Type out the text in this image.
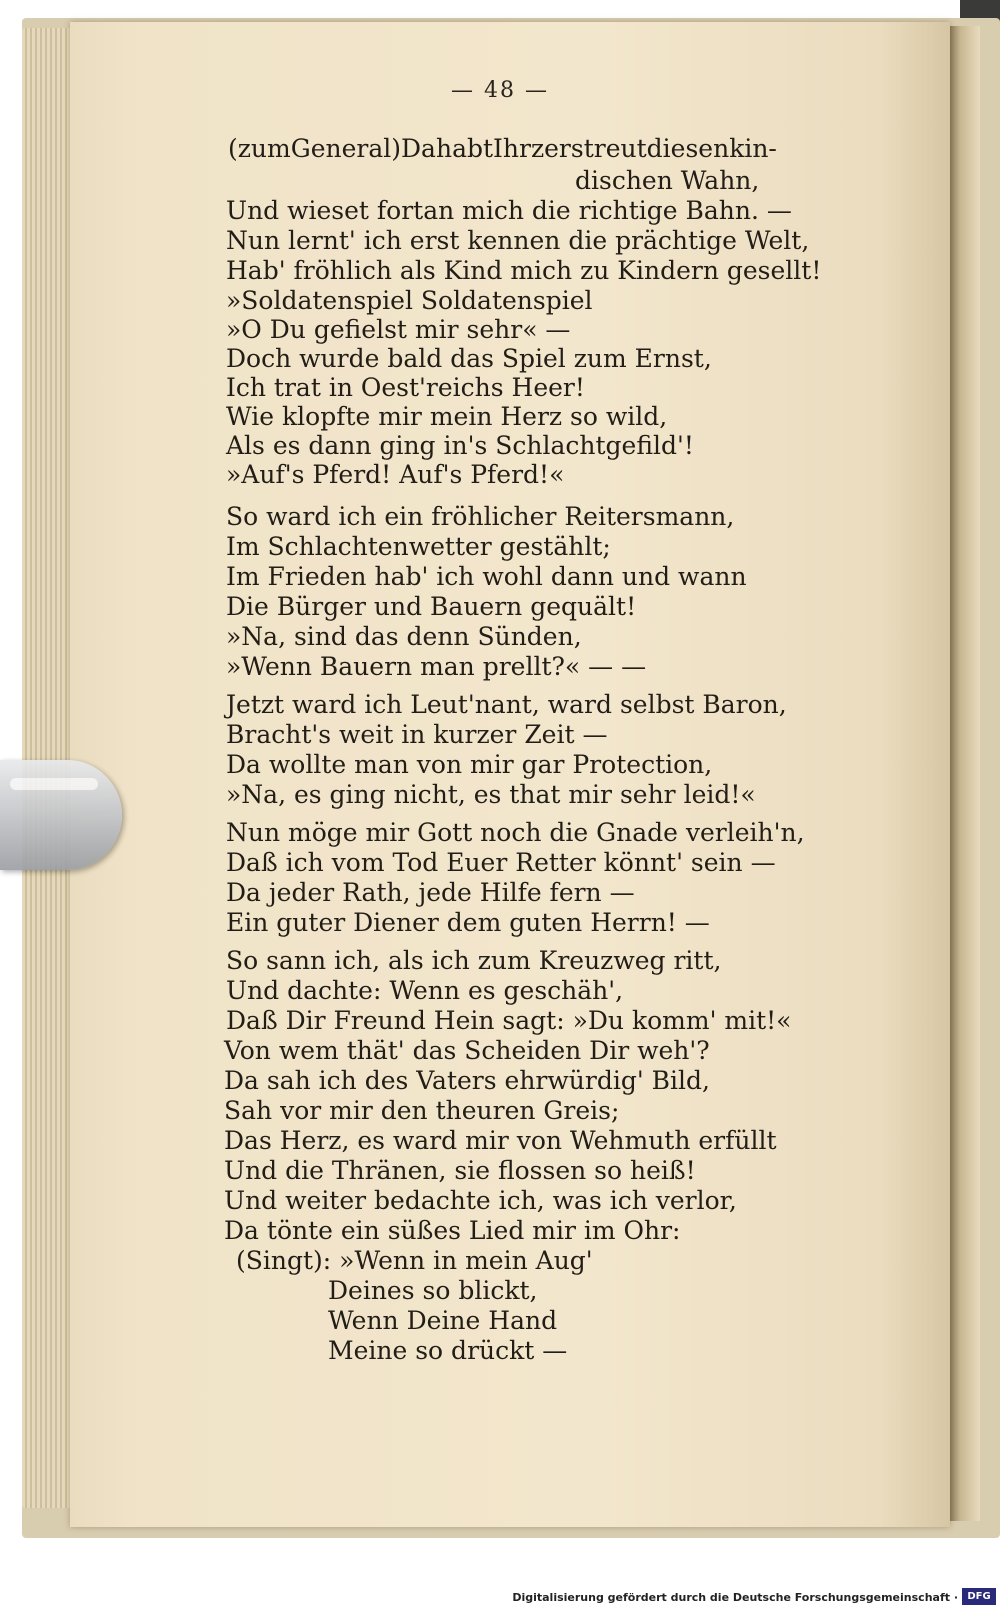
— 48 —
(zum General) Da habt Ihr zerstreut diesen kin-
dischen Wahn,
Und wieset fortan mich die richtige Bahn. —
Nun lernt' ich erst kennen die prächtige Welt,
Hab' fröhlich als Kind mich zu Kindern gesellt!
»Soldatenspiel Soldatenspiel
»O Du gefielst mir sehr« —
Doch wurde bald das Spiel zum Ernst,
Ich trat in Oest'reichs Heer!
Wie klopfte mir mein Herz so wild,
Als es dann ging in's Schlachtgefild'!
»Auf's Pferd! Auf's Pferd!«
So ward ich ein fröhlicher Reitersmann,
Im Schlachtenwetter gestählt;
Im Frieden hab' ich wohl dann und wann
Die Bürger und Bauern gequält!
»Na, sind das denn Sünden,
»Wenn Bauern man prellt?« — —
Jetzt ward ich Leut'nant, ward selbst Baron,
Bracht's weit in kurzer Zeit —
Da wollte man von mir gar Protection,
»Na, es ging nicht, es that mir sehr leid!«
Nun möge mir Gott noch die Gnade verleih'n,
Daß ich vom Tod Euer Retter könnt' sein —
Da jeder Rath, jede Hilfe fern —
Ein guter Diener dem guten Herrn! —
So sann ich, als ich zum Kreuzweg ritt,
Und dachte: Wenn es geschäh',
Daß Dir Freund Hein sagt: »Du komm' mit!«
Von wem thät' das Scheiden Dir weh'?
Da sah ich des Vaters ehrwürdig' Bild,
Sah vor mir den theuren Greis;
Das Herz, es ward mir von Wehmuth erfüllt
Und die Thränen, sie flossen so heiß!
Und weiter bedachte ich, was ich verlor,
Da tönte ein süßes Lied mir im Ohr:
(Singt): »Wenn in mein Aug'
Deines so blickt,
Wenn Deine Hand
Meine so drückt —
Digitalisierung gefördert durch die Deutsche Forschungsgemeinschaft · DFG
